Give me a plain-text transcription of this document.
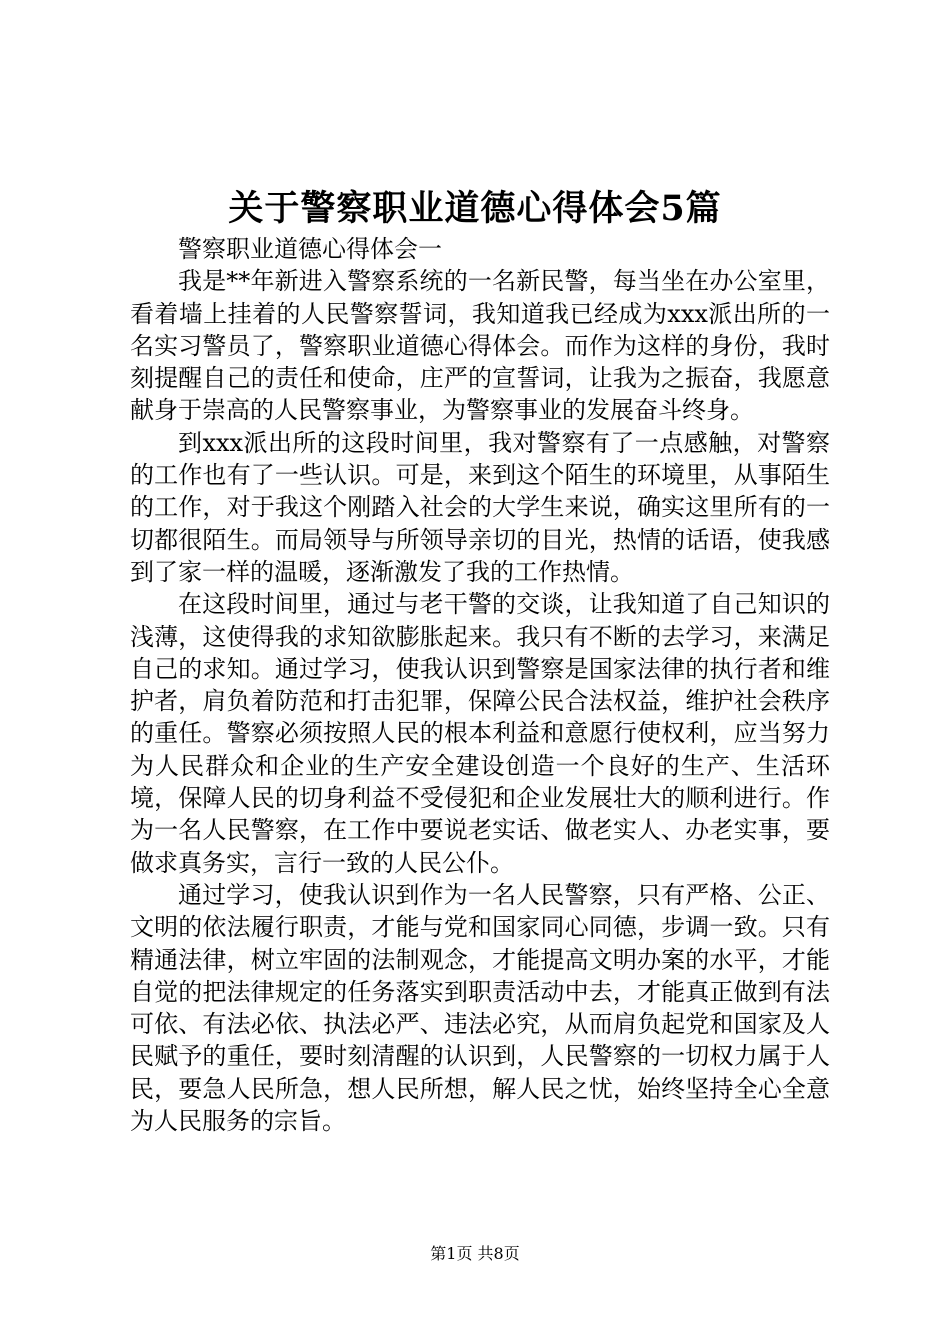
关于警察职业道德心得体会5篇

警察职业道德心得体会一

我是**年新进入警察系统的一名新民警，每当坐在办公室里，看着墙上挂着的人民警察誓词，我知道我已经成为xxx派出所的一名实习警员了，警察职业道德心得体会。而作为这样的身份，我时刻提醒自己的责任和使命，庄严的宣誓词，让我为之振奋，我愿意献身于崇高的人民警察事业，为警察事业的发展奋斗终身。

到xxx派出所的这段时间里，我对警察有了一点感触，对警察的工作也有了一些认识。可是，来到这个陌生的环境里，从事陌生的工作，对于我这个刚踏入社会的大学生来说，确实这里所有的一切都很陌生。而局领导与所领导亲切的目光，热情的话语，使我感到了家一样的温暖，逐渐激发了我的工作热情。

在这段时间里，通过与老干警的交谈，让我知道了自己知识的浅薄，这使得我的求知欲膨胀起来。我只有不断的去学习，来满足自己的求知。通过学习，使我认识到警察是国家法律的执行者和维护者，肩负着防范和打击犯罪，保障公民合法权益，维护社会秩序的重任。警察必须按照人民的根本利益和意愿行使权利，应当努力为人民群众和企业的生产安全建设创造一个良好的生产、生活环境，保障人民的切身利益不受侵犯和企业发展壮大的顺利进行。作为一名人民警察，在工作中要说老实话、做老实人、办老实事，要做求真务实，言行一致的人民公仆。

通过学习，使我认识到作为一名人民警察，只有严格、公正、文明的依法履行职责，才能与党和国家同心同德，步调一致。只有精通法律，树立牢固的法制观念，才能提高文明办案的水平，才能自觉的把法律规定的任务落实到职责活动中去，才能真正做到有法可依、有法必依、执法必严、违法必究，从而肩负起党和国家及人民赋予的重任，要时刻清醒的认识到，人民警察的一切权力属于人民，要急人民所急，想人民所想，解人民之忧，始终坚持全心全意为人民服务的宗旨。

第1页 共8页
